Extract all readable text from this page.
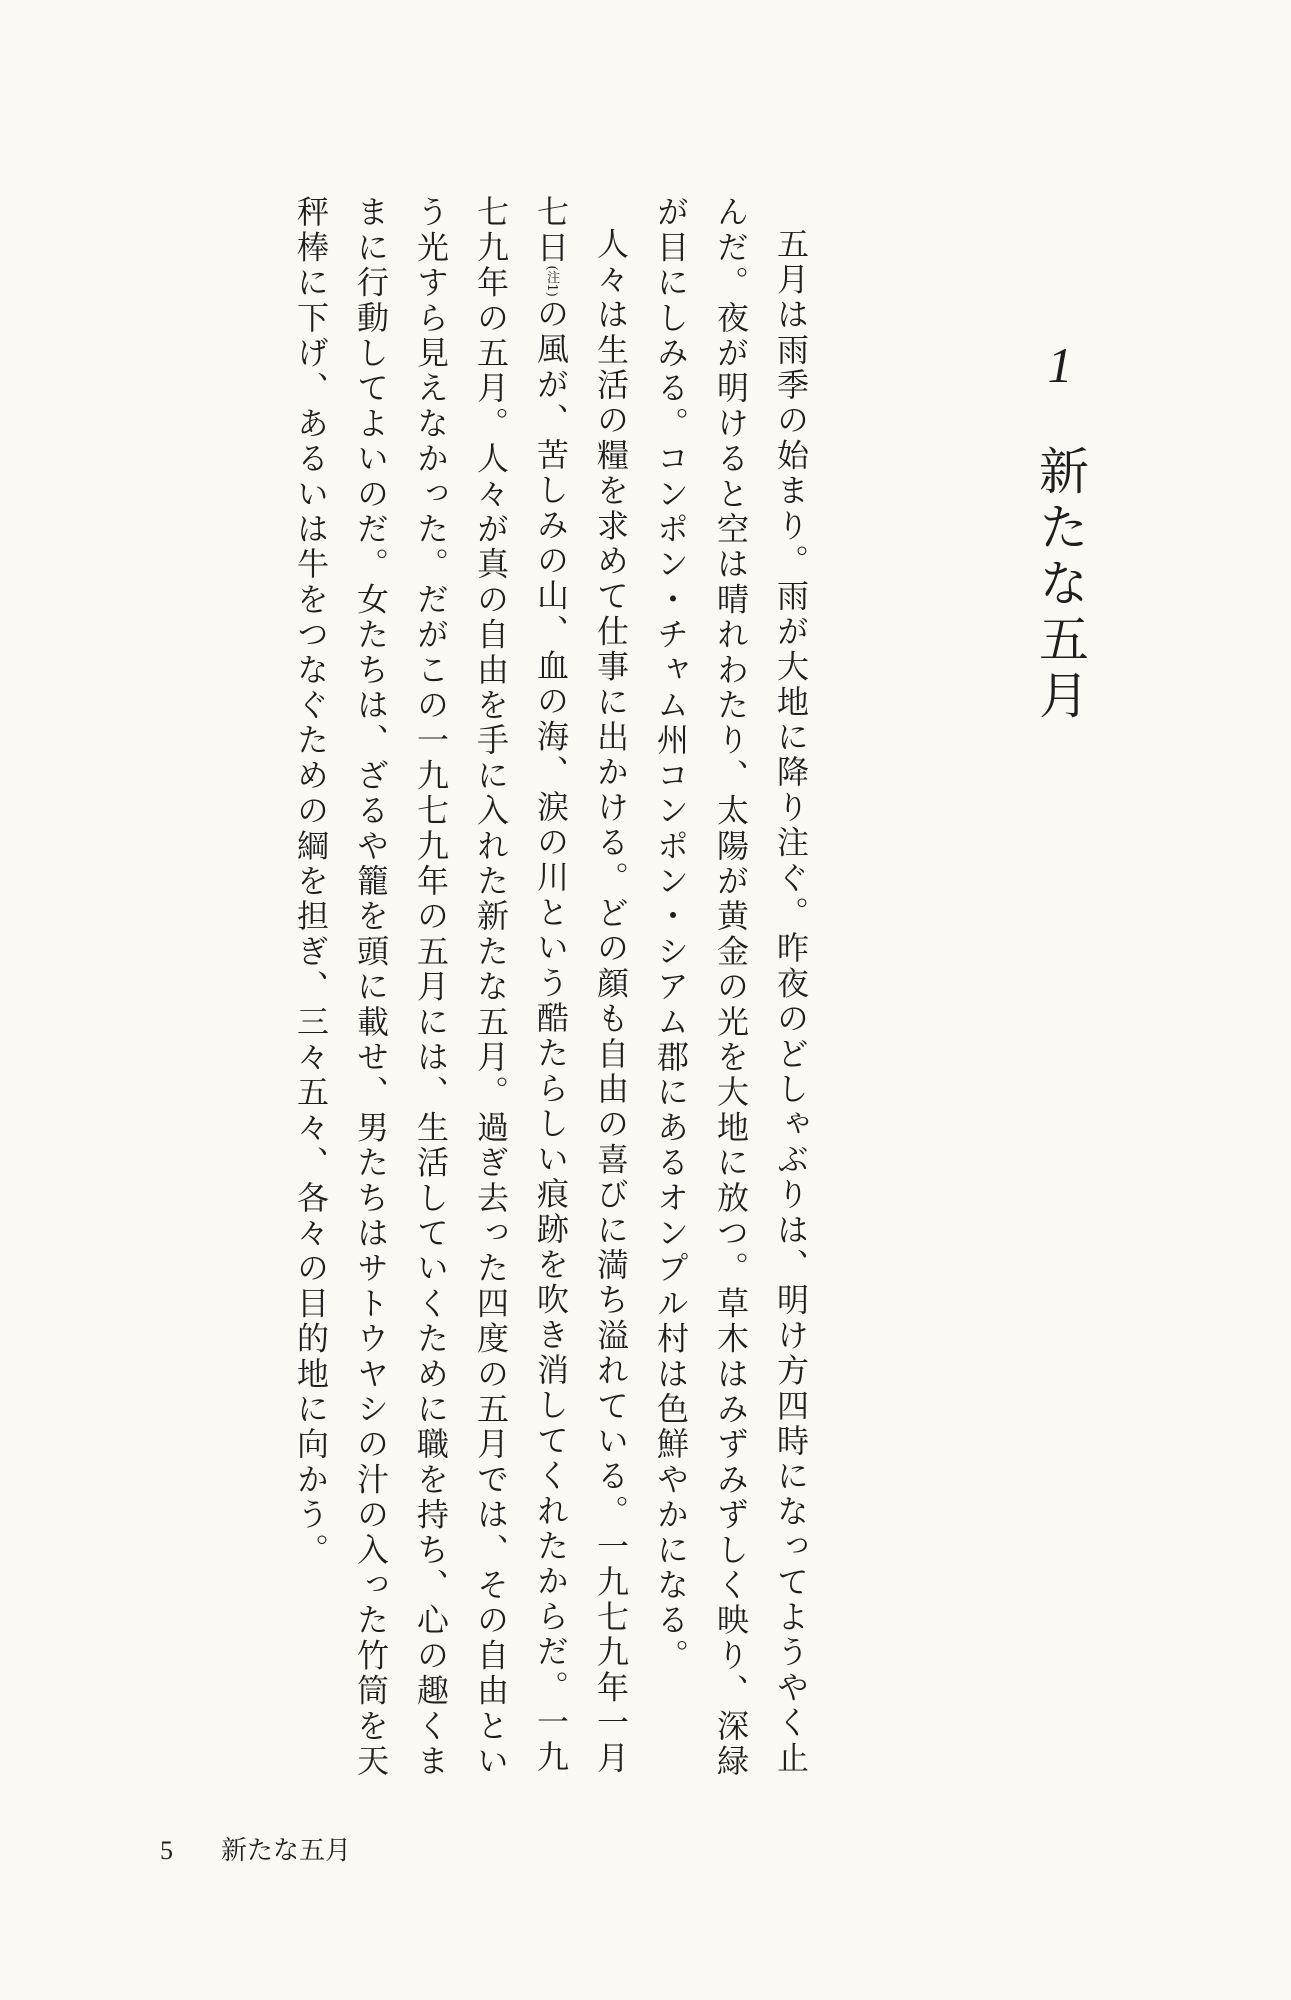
1
新たな五月

五月は雨季の始まり。雨が大地に降り注ぐ。昨夜のどしゃぶりは、明け方四時になってようやく止んだ。夜が明けると空は晴れわたり、太陽が黄金の光を大地に放つ。草木はみずみずしく映り、深緑が目にしみる。コンポン・チャム州コンポン・シアム郡にあるオンプル村は色鮮やかになる。

人々は生活の糧を求めて仕事に出かける。どの顔も自由の喜びに満ち溢れている。一九七九年一月七日(注1)の風が、苦しみの山、血の海、涙の川という酷たらしい痕跡を吹き消してくれたからだ。一九七九年の五月。人々が真の自由を手に入れた新たな五月。過ぎ去った四度の五月では、その自由という光すら見えなかった。だがこの一九七九年の五月には、生活していくために職を持ち、心の趣くままに行動してよいのだ。女たちは、ざるや籠を頭に載せ、男たちはサトウヤシの汁の入った竹筒を天秤棒に下げ、あるいは牛をつなぐための綱を担ぎ、三々五々、各々の目的地に向かう。

5 新たな五月
